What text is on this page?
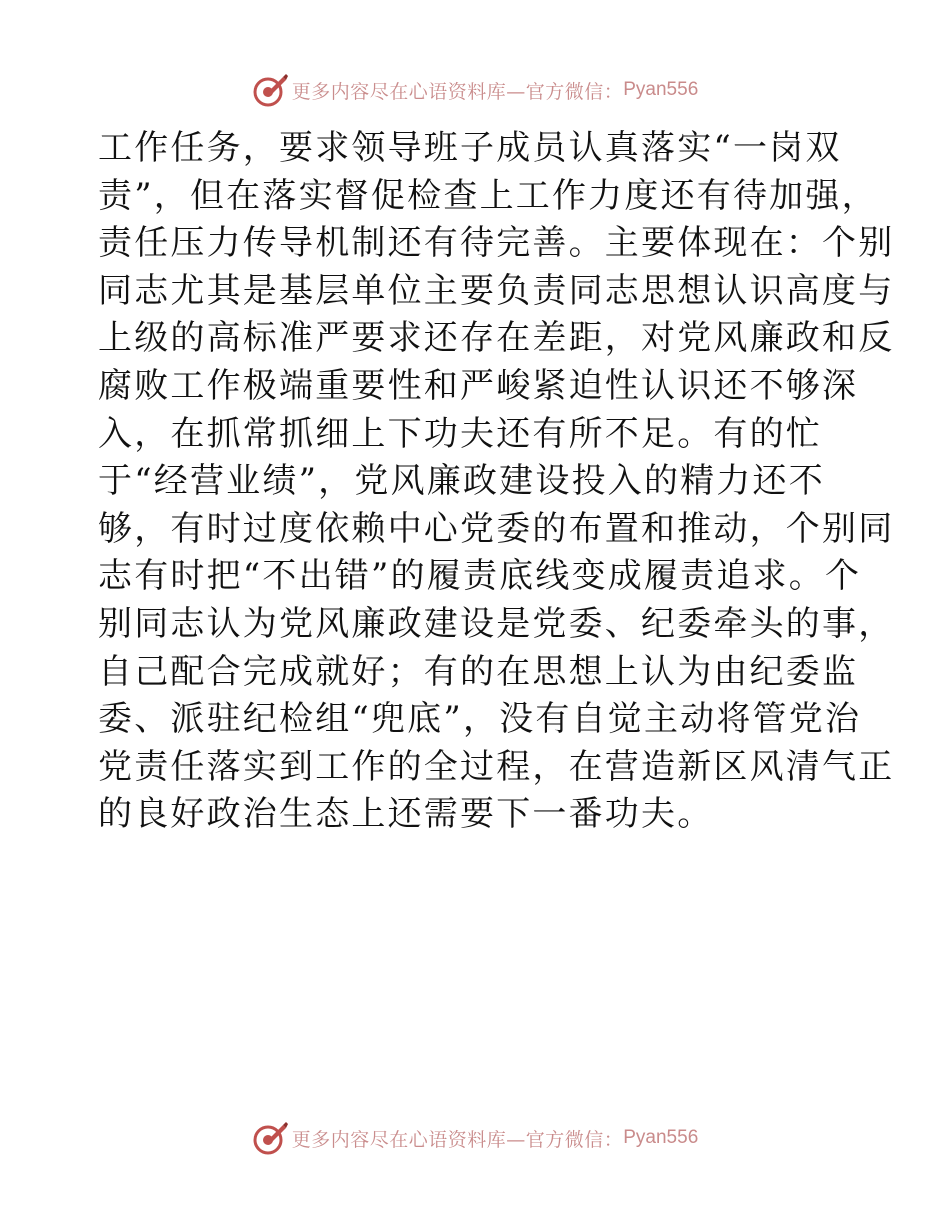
更多内容尽在心语资料库—官方微信： Pyan556
工作任务，要求领导班子成员认真落实“一岗双
责”，但在落实督促检查上工作力度还有待加强，
责任压力传导机制还有待完善。主要体现在：个别
同志尤其是基层单位主要负责同志思想认识高度与
上级的高标准严要求还存在差距，对党风廉政和反
腐败工作极端重要性和严峻紧迫性认识还不够深
入，在抓常抓细上下功夫还有所不足。有的忙
于“经营业绩”，党风廉政建设投入的精力还不
够，有时过度依赖中心党委的布置和推动，个别同
志有时把“不出错”的履责底线变成履责追求。个
别同志认为党风廉政建设是党委、纪委牵头的事，
自己配合完成就好；有的在思想上认为由纪委监
委、派驻纪检组“兜底”，没有自觉主动将管党治
党责任落实到工作的全过程，在营造新区风清气正
的良好政治生态上还需要下一番功夫。
更多内容尽在心语资料库—官方微信： Pyan556
